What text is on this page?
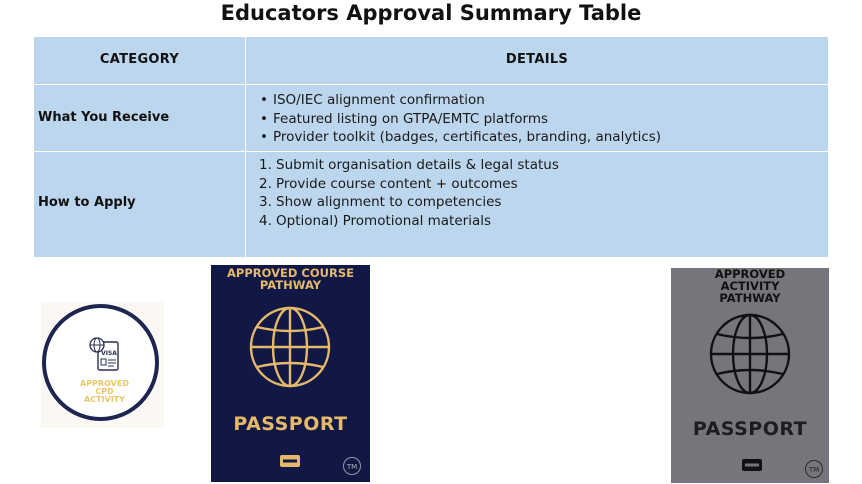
Educators Approval Summary Table
CATEGORY	DETAILS
What You Receive
• ISO/IEC alignment confirmation
• Featured listing on GTPA/EMTC platforms
• Provider toolkit (badges, certificates, branding, analytics)
How to Apply
1. Submit organisation details & legal status
2. Provide course content + outcomes
3. Show alignment to competencies
4. Optional) Promotional materials
VISA
APPROVED
CPD
ACTIVITY
APPROVED COURSE
PATHWAY
PASSPORT
TM
APPROVED
ACTIVITY
PATHWAY
PASSPORT
TM
